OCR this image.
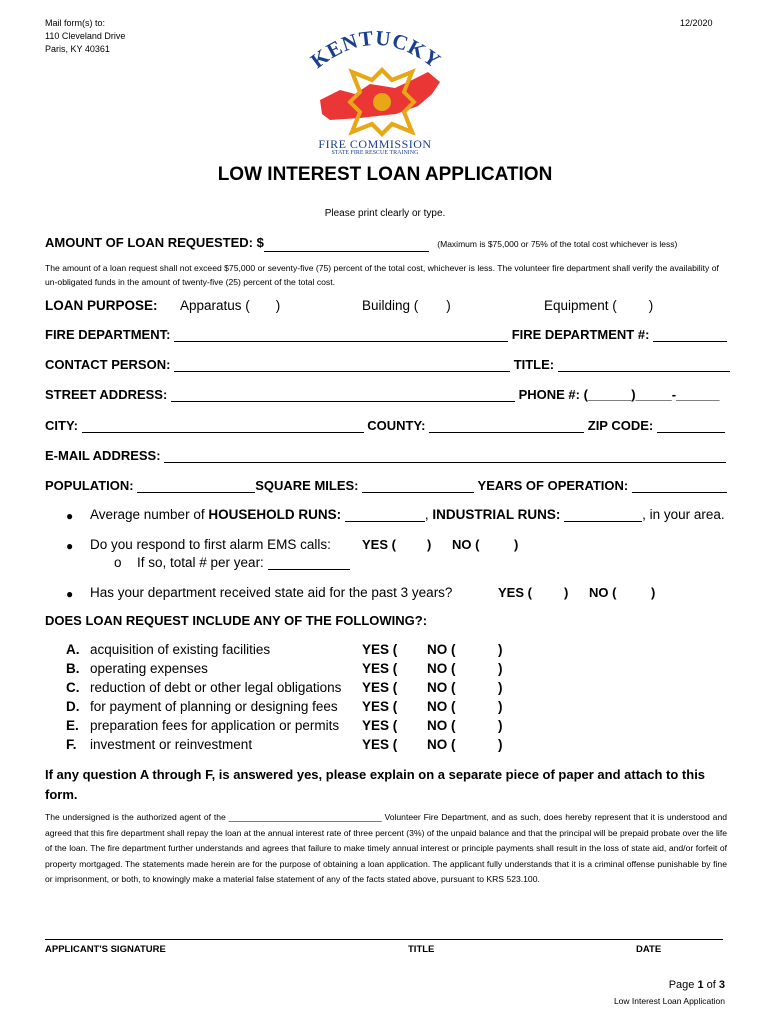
Mail form(s) to:
110 Cleveland Drive
Paris, KY 40361
12/2020
KENTUCKY
FIRE COMMISSION
STATE FIRE RESCUE TRAINING
LOW INTEREST LOAN APPLICATION
Please print clearly or type.
AMOUNT OF LOAN REQUESTED: $	(Maximum is $75,000 or 75% of the total cost whichever is less)
The amount of a loan request shall not exceed $75,000 or seventy-five (75) percent of the total cost, whichever is less. The volunteer fire department shall verify the availability of un-obligated funds in the amount of twenty-five (25) percent of the total cost.
LOAN PURPOSE: Apparatus ( )	Building ( )	Equipment ( )
FIRE DEPARTMENT:	FIRE DEPARTMENT #:
CONTACT PERSON:	TITLE:
STREET ADDRESS:	PHONE #: (______)_____-______
CITY:	COUNTY:	ZIP CODE:
E-MAIL ADDRESS:
POPULATION:	SQUARE MILES:	YEARS OF OPERATION:
● Average number of HOUSEHOLD RUNS:	, INDUSTRIAL RUNS:	, in your area.
● Do you respond to first alarm EMS calls: YES ( ) NO (	)
o If so, total # per year:
● Has your department received state aid for the past 3 years?	YES ( ) NO (	)
DOES LOAN REQUEST INCLUDE ANY OF THE FOLLOWING?:
A. acquisition of existing facilities	YES ( NO (	)
B. operating expenses	YES ( NO (	)
C. reduction of debt or other legal obligations YES ( NO (	)
D. for payment of planning or designing fees YES ( NO (	)
E. preparation fees for application or permits YES ( NO (	)
F. investment or reinvestment	YES ( NO (	)
If any question A through F, is answered yes, please explain on a separate piece of paper and attach to this form.
The undersigned is the authorized agent of the ________________________________ Volunteer Fire Department, and as such, does hereby represent that it is understood and agreed that this fire department shall repay the loan at the annual interest rate of three percent (3%) of the unpaid balance and that the principal will be prepaid probate over the life of the loan. The fire department further understands and agrees that failure to make timely annual interest or principle payments shall result in the loss of state aid, and/or forfeit of property mortgaged. The statements made herein are for the purpose of obtaining a loan application. The applicant fully understands that it is a criminal offense punishable by fine or imprisonment, or both, to knowingly make a material false statement of any of the facts stated above, pursuant to KRS 523.100.
APPLICANT'S SIGNATURE	TITLE	DATE
Page 1 of 3
Low Interest Loan Application
